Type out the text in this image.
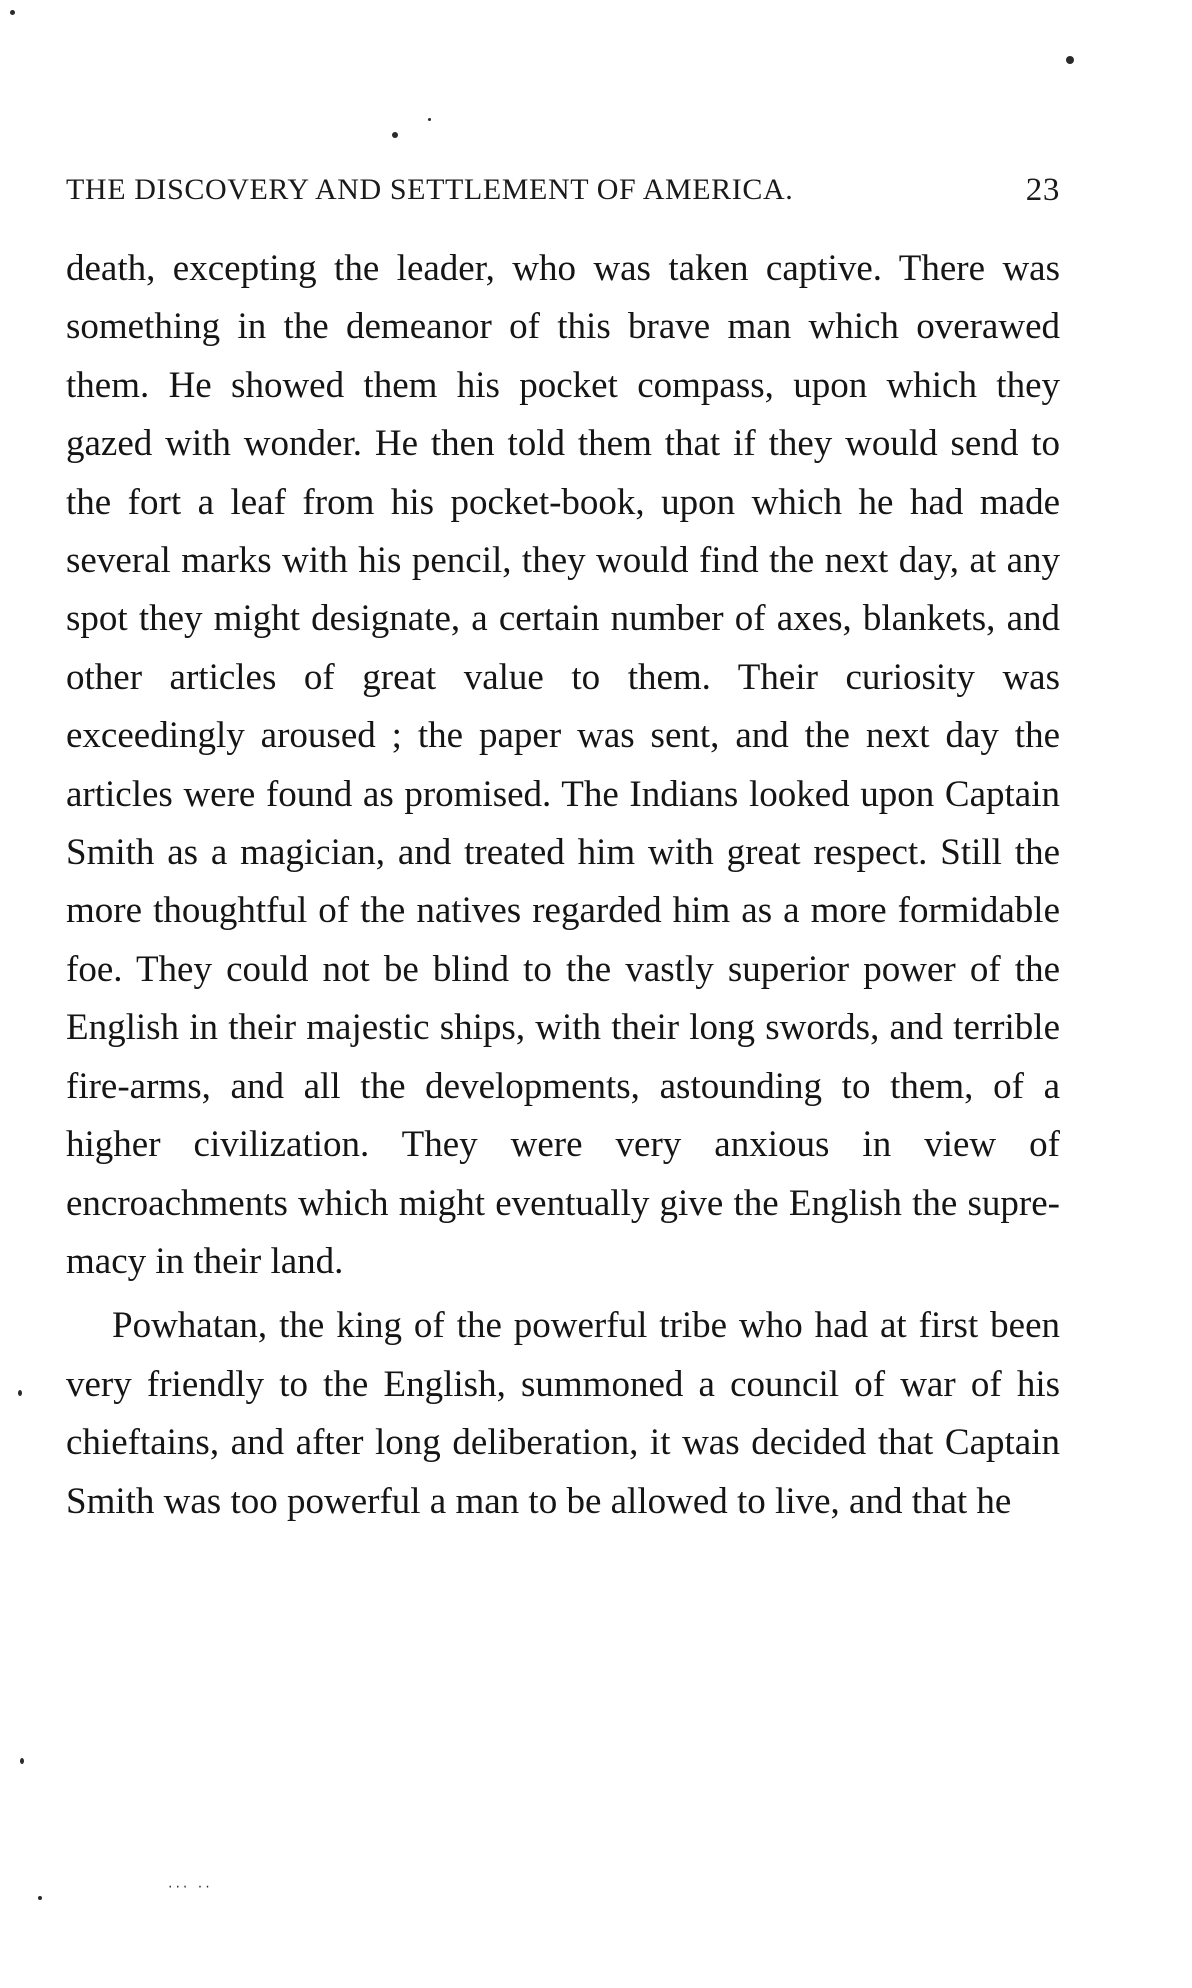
THE DISCOVERY AND SETTLEMENT OF AMERICA.	23

death, excepting the leader, who was taken captive. There was something in the demeanor of this brave man which overawed them. He showed them his pocket compass, upon which they gazed with wonder. He then told them that if they would send to the fort a leaf from his pocket-book, upon which he had made several marks with his pencil, they would find the next day, at any spot they might designate, a certain number of axes, blankets, and other articles of great value to them. Their curiosity was exceedingly aroused ; the paper was sent, and the next day the articles were found as promised. The Indians looked upon Captain Smith as a magician, and treated him with great respect. Still the more thoughtful of the natives regarded him as a more formidable foe. They could not be blind to the vastly superior power of the English in their majestic ships, with their long swords, and terrible fire-arms, and all the developments, astounding to them, of a higher civilization. They were very anxious in view of encroachments which might eventually give the English the supremacy in their land.

Powhatan, the king of the powerful tribe who had at first been very friendly to the English, summoned a council of war of his chieftains, and after long deliberation, it was decided that Captain Smith was too powerful a man to be allowed to live, and that he

‧‧‧ ‧‧
